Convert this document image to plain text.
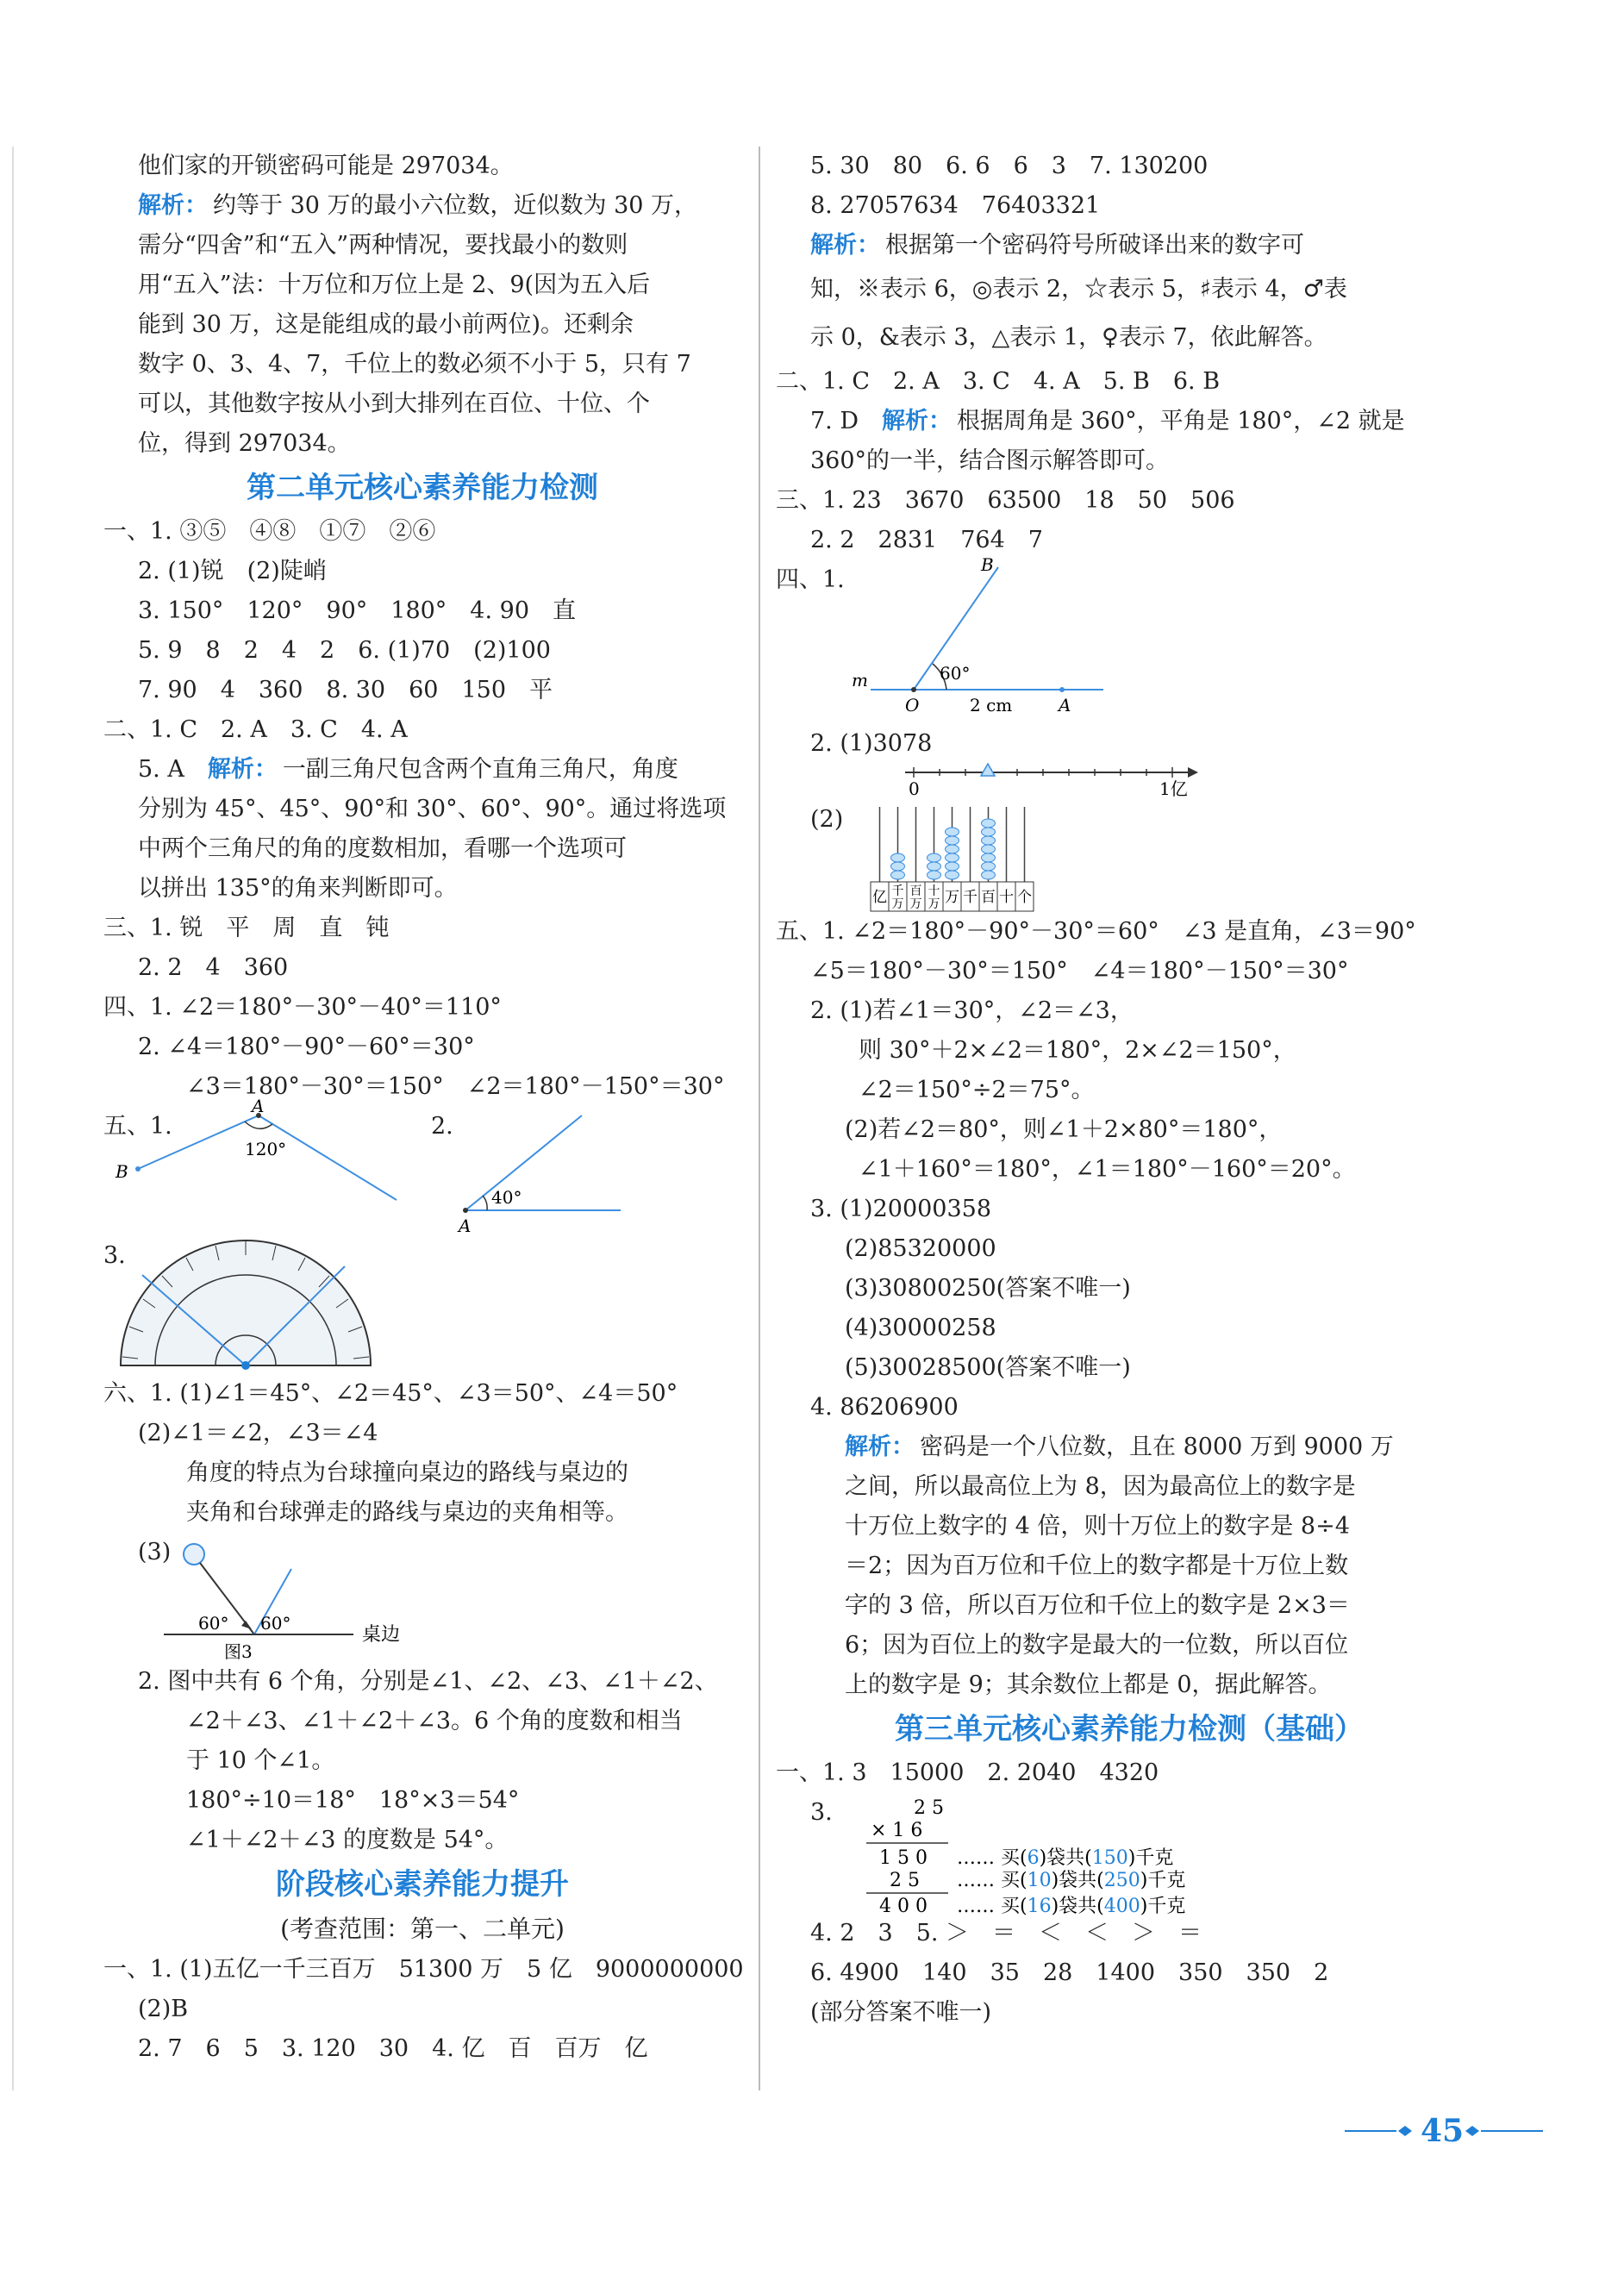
他们家的开锁密码可能是 297034。
解析： 约等于 30 万的最小六位数，近似数为 30 万，
需分“四舍”和“五入”两种情况，要找最小的数则
用“五入”法：十万位和万位上是 2、9(因为五入后
能到 30 万，这是能组成的最小前两位)。还剩余
数字 0、3、4、7，千位上的数必须不小于 5，只有 7
可以，其他数字按从小到大排列在百位、十位、个
位，得到 297034。
第二单元核心素养能力检测
一、1. ③⑤　④⑧　①⑦　②⑥
2. (1)锐　(2)陡峭
3. 150°　120°　90°　180°　4. 90　直
5. 9　8　2　4　2　6. (1)70　(2)100
7. 90　4　360　8. 30　60　150　平
二、1. C　2. A　3. C　4. A
5. A　 解析： 一副三角尺包含两个直角三角尺，角度
分别为 45°、45°、90°和 30°、60°、90°。通过将选项
中两个三角尺的角的度数相加，看哪一个选项可
以拼出 135°的角来判断即可。
三、1. 锐　平　周　直　钝
2. 2　4　360
四、1. ∠2＝180°－30°－40°＝110°
2. ∠4＝180°－90°－60°＝30°
∠3＝180°－30°＝150°　∠2＝180°－150°＝30°
五、1.	2.
A
B
120°
40°
A
3.
六、1. (1)∠1＝45°、∠2＝45°、∠3＝50°、∠4＝50°
(2)∠1＝∠2，∠3＝∠4
角度的特点为台球撞向桌边的路线与桌边的
夹角和台球弹走的路线与桌边的夹角相等。
(3)
60° 60°
桌边
图3
2. 图中共有 6 个角，分别是∠1、∠2、∠3、∠1＋∠2、
∠2＋∠3、∠1＋∠2＋∠3。6 个角的度数和相当
于 10 个∠1。
180°÷10＝18°　18°×3＝54°
∠1＋∠2＋∠3 的度数是 54°。
阶段核心素养能力提升
(考查范围：第一、二单元)
一、1. (1)五亿一千三百万　51300 万　5 亿　9000000000
(2)B
2. 7　6　5　3. 120　30　4. 亿　百　百万　亿
5. 30　80　6. 6　6　3　7. 130200
8. 27057634　76403321
解析： 根据第一个密码符号所破译出来的数字可
知，※表示 6，◎表示 2，☆表示 5，♯表示 4，♂表
示 0，&表示 3，△表示 1，♀表示 7，依此解答。
二、1. C　2. A　3. C　4. A　5. B　6. B
7. D　 解析： 根据周角是 360°，平角是 180°，∠2 就是
360°的一半，结合图示解答即可。
三、1. 23　3670　63500　18　50　506
2. 2　2831　764　7
四、1.
m
O	A
B
60°
2 cm
2. (1)3078
0	1亿
(2)
亿 千
万
百
万
十
万 万 千 百 十 个
五、1. ∠2＝180°－90°－30°＝60°　∠3 是直角，∠3＝90°
∠5＝180°－30°＝150°　∠4＝180°－150°＝30°
2. (1)若∠1＝30°，∠2＝∠3，
则 30°＋2×∠2＝180°，2×∠2＝150°，
∠2＝150°÷2＝75°。
(2)若∠2＝80°，则∠1＋2×80°＝180°，
∠1＋160°＝180°，∠1＝180°－160°＝20°。
3. (1)20000358
(2)85320000
(3)30800250(答案不唯一)
(4)30000258
(5)30028500(答案不唯一)
4. 86206900
解析： 密码是一个八位数，且在 8000 万到 9000 万
之间，所以最高位上为 8，因为最高位上的数字是
十万位上数字的 4 倍，则十万位上的数字是 8÷4
＝2；因为百万位和千位上的数字都是十万位上数
字的 3 倍，所以百万位和千位上的数字是 2×3＝
6；因为百位上的数字是最大的一位数，所以百位
上的数字是 9；其余数位上都是 0，据此解答。
第三单元核心素养能力检测（基础）
一、1. 3　15000　2. 2040　4320
3.	2 5
× 1 6
1 5 0
2 5
4 0 0
…… 买(6)袋共(150)千克
…… 买(10)袋共(250)千克
…… 买(16)袋共(400)千克
4. 2　3　5. ＞　＝　＜　＜　＞　＝
6. 4900　140　35　28　1400　350　350　2
(部分答案不唯一)
45
